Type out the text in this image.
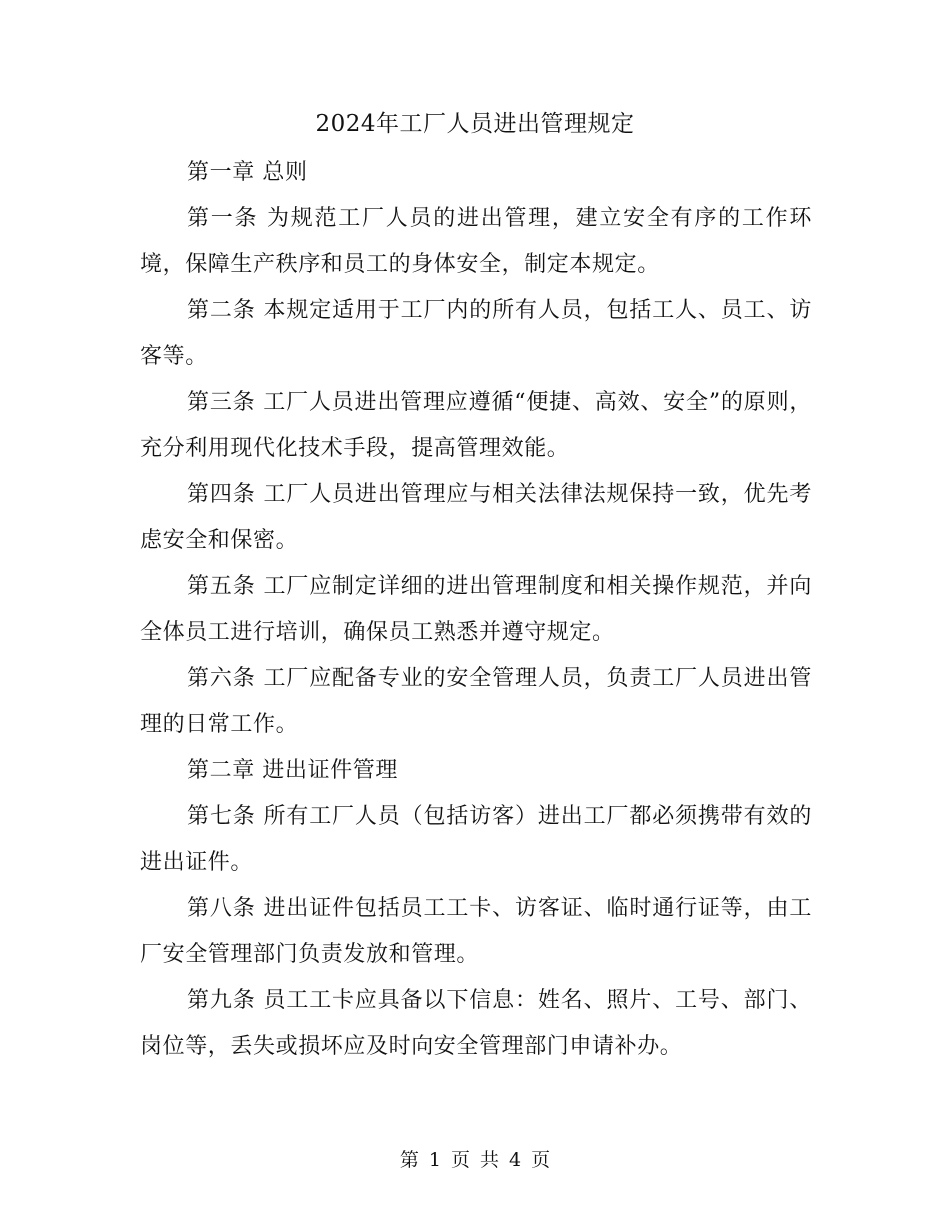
2024年工厂人员进出管理规定

第一章 总则

第一条 为规范工厂人员的进出管理，建立安全有序的工作环境，保障生产秩序和员工的身体安全，制定本规定。

第二条 本规定适用于工厂内的所有人员，包括工人、员工、访客等。

第三条 工厂人员进出管理应遵循“便捷、高效、安全”的原则，充分利用现代化技术手段，提高管理效能。

第四条 工厂人员进出管理应与相关法律法规保持一致，优先考虑安全和保密。

第五条 工厂应制定详细的进出管理制度和相关操作规范，并向全体员工进行培训，确保员工熟悉并遵守规定。

第六条 工厂应配备专业的安全管理人员，负责工厂人员进出管理的日常工作。

第二章 进出证件管理

第七条 所有工厂人员（包括访客）进出工厂都必须携带有效的进出证件。

第八条 进出证件包括员工工卡、访客证、临时通行证等，由工厂安全管理部门负责发放和管理。

第九条 员工工卡应具备以下信息：姓名、照片、工号、部门、岗位等，丢失或损坏应及时向安全管理部门申请补办。

第 1 页 共 4 页
